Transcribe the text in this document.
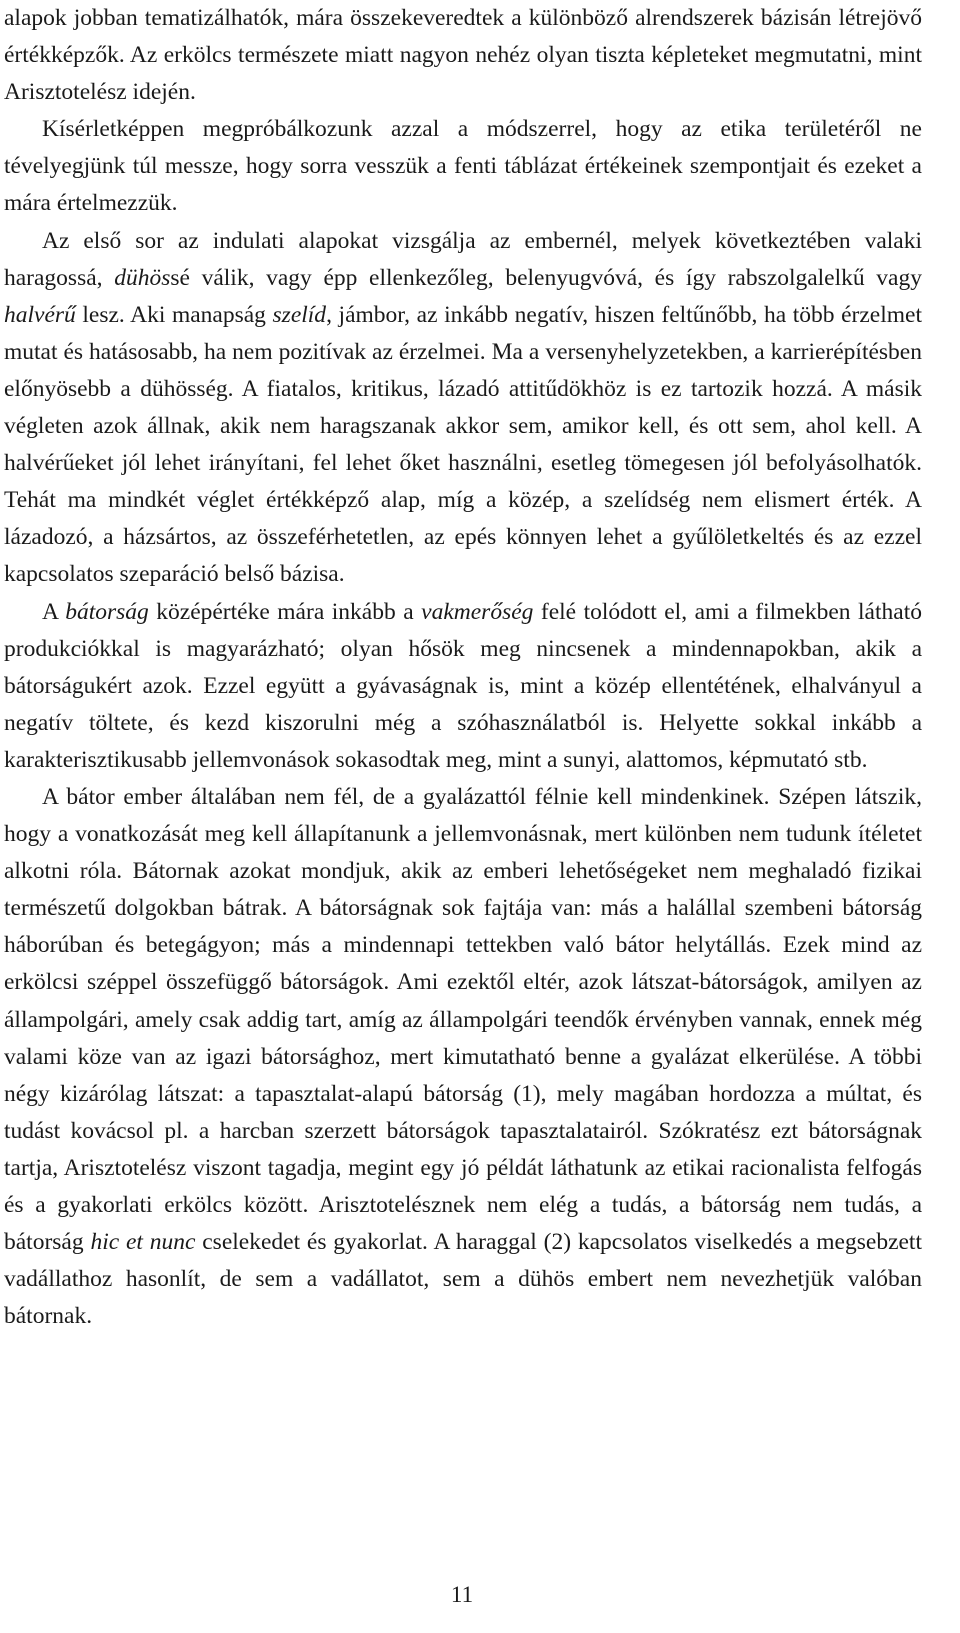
alapok jobban tematizálhatók, mára összekeveredtek a különböző alrendszerek bázisán létrejövő értékképzők. Az erkölcs természete miatt nagyon nehéz olyan tiszta képleteket megmutatni, mint Arisztotelész idején.

Kísérletképpen megpróbálkozunk azzal a módszerrel, hogy az etika területéről ne tévelyegjünk túl messze, hogy sorra vesszük a fenti táblázat értékeinek szempontjait és ezeket a mára értelmezzük.

Az első sor az indulati alapokat vizsgálja az embernél, melyek következtében valaki haragossá, dühössé válik, vagy épp ellenkezőleg, belenyugvóvá, és így rabszolgalelkű vagy halvérű lesz. Aki manapság szelíd, jámbor, az inkább negatív, hiszen feltűnőbb, ha több érzelmet mutat és hatásosabb, ha nem pozitívak az érzelmei. Ma a versenyhelyzetekben, a karrierépítésben előnyösebb a dühösség. A fiatalos, kritikus, lázadó attitűdökhöz is ez tartozik hozzá. A másik végleten azok állnak, akik nem haragszanak akkor sem, amikor kell, és ott sem, ahol kell. A halvérűeket jól lehet irányítani, fel lehet őket használni, esetleg tömegesen jól befolyásolhatók. Tehát ma mindkét véglet értékképző alap, míg a közép, a szelídség nem elismert érték. A lázadozó, a házsártos, az összeférhetetlen, az epés könnyen lehet a gyűlöletkeltés és az ezzel kapcsolatos szeparáció belső bázisa.

A bátorság középértéke mára inkább a vakmerőség felé tolódott el, ami a filmekben látható produkciókkal is magyarázható; olyan hősök meg nincsenek a mindennapokban, akik a bátorságukért azok. Ezzel együtt a gyávaságnak is, mint a közép ellentétének, elhalványul a negatív töltete, és kezd kiszorulni még a szóhasználatból is. Helyette sokkal inkább a karakterisztikusabb jellemvonások sokasodtak meg, mint a sunyi, alattomos, képmutató stb.

A bátor ember általában nem fél, de a gyalázattól félnie kell mindenkinek. Szépen látszik, hogy a vonatkozását meg kell állapítanunk a jellemvonásnak, mert különben nem tudunk ítéletet alkotni róla. Bátornak azokat mondjuk, akik az emberi lehetőségeket nem meghaladó fizikai természetű dolgokban bátrak. A bátorságnak sok fajtája van: más a halállal szembeni bátorság háborúban és betegágyon; más a mindennapi tettekben való bátor helytállás. Ezek mind az erkölcsi széppel összefüggő bátorságok. Ami ezektől eltér, azok látszat-bátorságok, amilyen az állampolgári, amely csak addig tart, amíg az állampolgári teendők érvényben vannak, ennek még valami köze van az igazi bátorsághoz, mert kimutatható benne a gyalázat elkerülése. A többi négy kizárólag látszat: a tapasztalat-alapú bátorság (1), mely magában hordozza a múltat, és tudást kovácsol pl. a harcban szerzett bátorságok tapasztalatairól. Szókratész ezt bátorságnak tartja, Arisztotelész viszont tagadja, megint egy jó példát láthatunk az etikai racionalista felfogás és a gyakorlati erkölcs között. Arisztotelésznek nem elég a tudás, a bátorság nem tudás, a bátorság hic et nunc cselekedet és gyakorlat. A haraggal (2) kapcsolatos viselkedés a megsebzett vadállathoz hasonlít, de sem a vadállatot, sem a dühös embert nem nevezhetjük valóban bátornak.

11
